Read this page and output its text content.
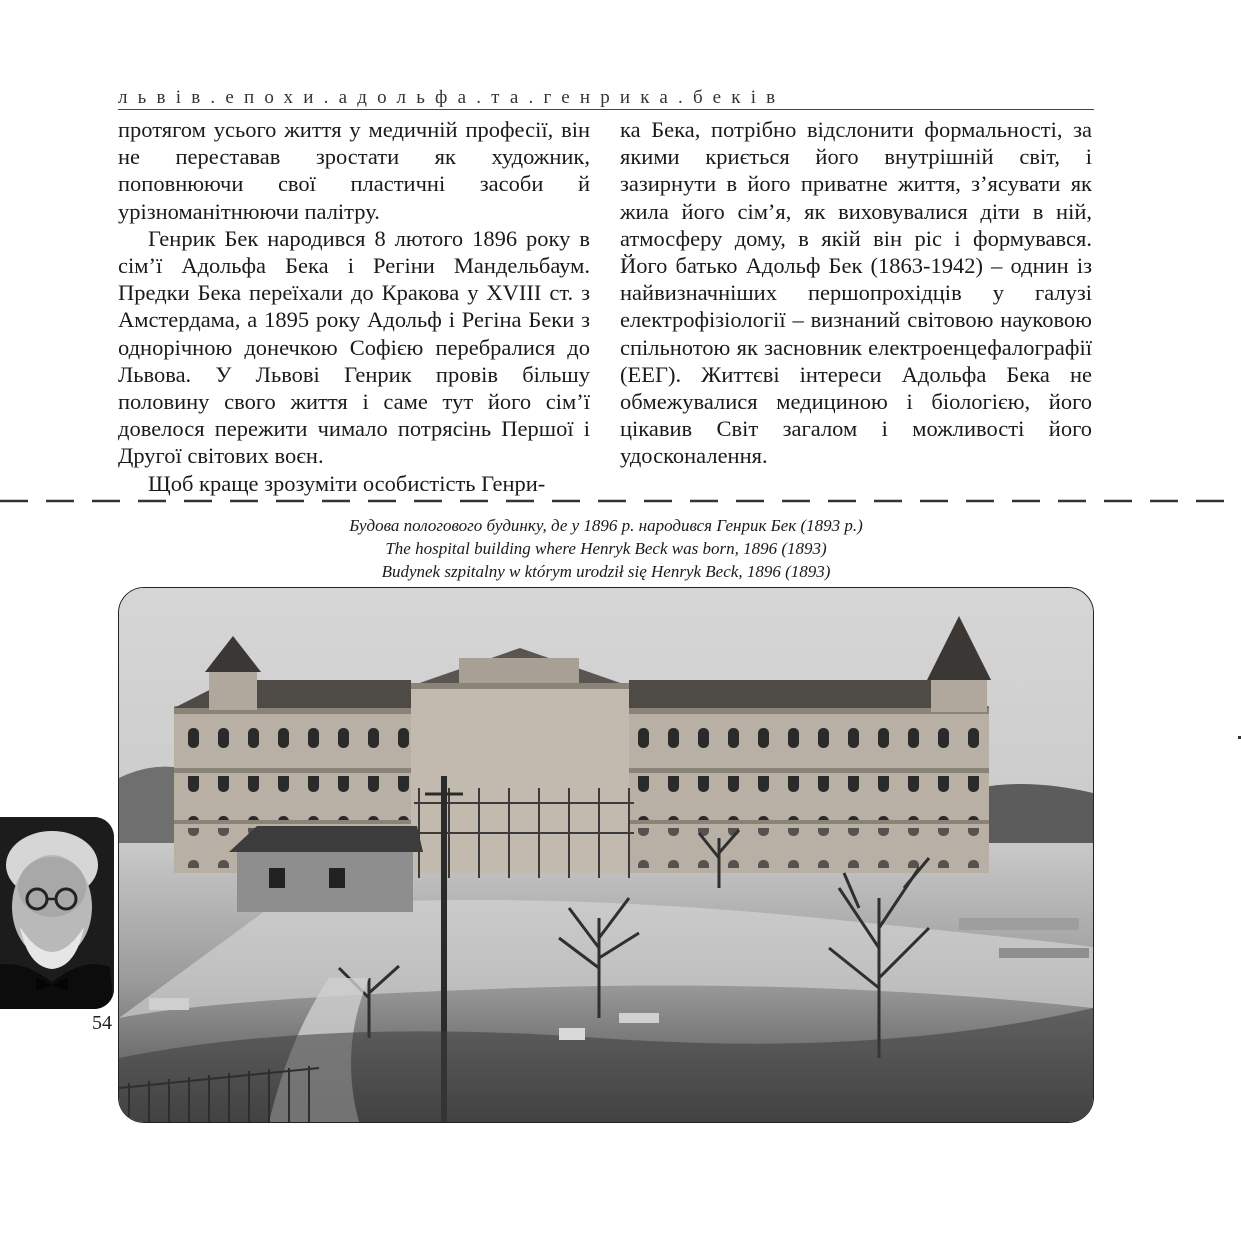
львів.епохи.адольфа.та.генрика.беків

протягом усього життя у медичній професії, він не переставав зростати як художник, поповнюючи свої пластичні засоби й урізноманітнюючи палітру.

Генрик Бек народився 8 лютого 1896 року в сім’ї Адольфа Бека і Регіни Мандельбаум. Предки Бека переїхали до Кракова у XVIII ст. з Амстердама, а 1895 року Адольф і Регіна Беки з однорічною донечкою Софією перебралися до Львова. У Львові Генрик провів більшу половину свого життя і саме тут його сім’ї довелося пережити чимало потрясінь Першої і Другої світових воєн.

Щоб краще зрозуміти особистість Генри-

ка Бека, потрібно відслонити формальності, за якими криється його внутрішній світ, і зазирнути в його приватне життя, з’ясувати як жила його сім’я, як виховувалися діти в ній, атмосферу дому, в якій він ріс і формувався. Його батько Адольф Бек (1863-1942) – однин із найвизначніших першопрохідців у галузі електрофізіології – визнаний світовою науковою спільнотою як засновник електроенцефалографії (ЕЕГ). Життєві інтереси Адольфа Бека не обмежувалися медициною і біологією, його цікавив Світ загалом і можливості його удосконалення.

Будова пологового будинку, де у 1896 р. народився Генрик Бек (1893 р.)
The hospital building where Henryk Beck was born, 1896 (1893)
Budynek szpitalny w którym urodził się Henryk Beck, 1896 (1893)
54
